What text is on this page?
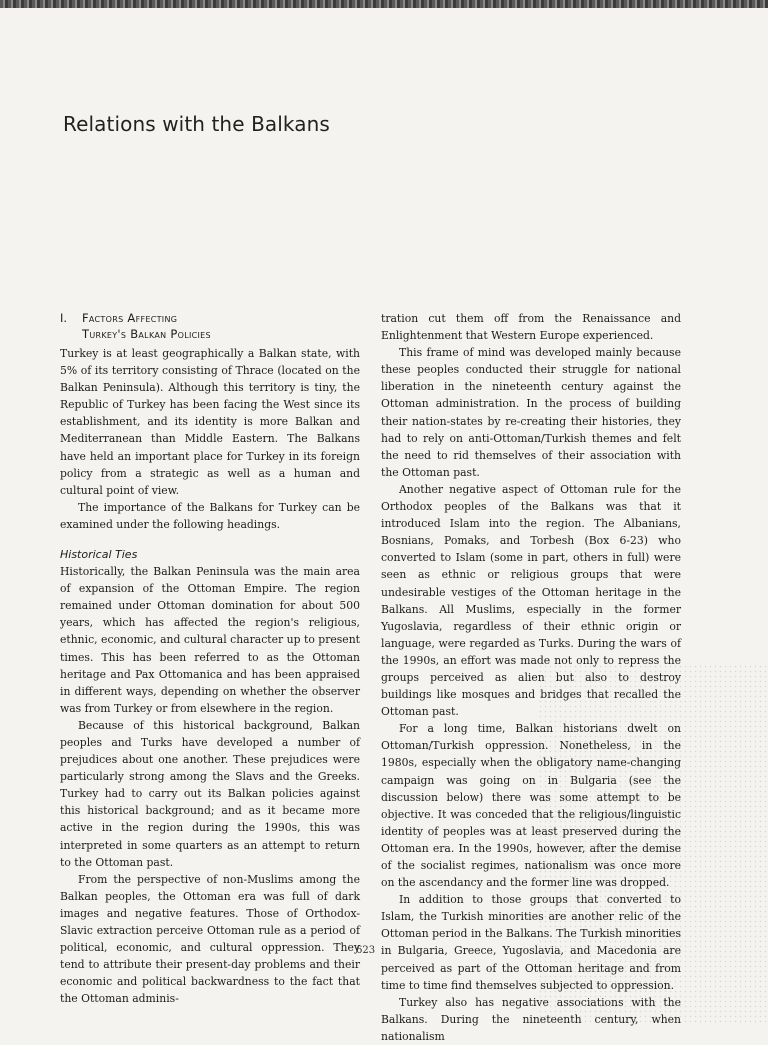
Relations with the Balkans
I.	Factors Affecting
Turkey's Balkan Policies

Turkey is at least geographically a Balkan state, with 5% of its territory consisting of Thrace (located on the Balkan Peninsula). Although this territory is tiny, the Republic of Turkey has been facing the West since its establishment, and its identity is more Balkan and Mediterranean than Middle Eastern. The Balkans have held an important place for Turkey in its foreign policy from a strategic as well as a human and cultural point of view.

The importance of the Balkans for Turkey can be examined under the following headings.

Historical Ties

Historically, the Balkan Peninsula was the main area of expansion of the Ottoman Empire. The region remained under Ottoman domination for about 500 years, which has affected the region's religious, ethnic, economic, and cultural character up to present times. This has been referred to as the Ottoman heritage and Pax Ottomanica and has been appraised in different ways, depending on whether the observer was from Turkey or from elsewhere in the region.

Because of this historical background, Balkan peoples and Turks have developed a number of prejudices about one another. These prejudices were particularly strong among the Slavs and the Greeks. Turkey had to carry out its Balkan policies against this historical background; and as it became more active in the region during the 1990s, this was interpreted in some quarters as an attempt to return to the Ottoman past.

From the perspective of non-Muslims among the Balkan peoples, the Ottoman era was full of dark images and negative features. Those of Orthodox-Slavic extraction perceive Ottoman rule as a period of political, economic, and cultural oppression. They tend to attribute their present-day problems and their economic and political backwardness to the fact that the Ottoman adminis-

tration cut them off from the Renaissance and Enlightenment that Western Europe experienced.

This frame of mind was developed mainly because these peoples conducted their struggle for national liberation in the nineteenth century against the Ottoman administration. In the process of building their nation-states by re-creating their histories, they had to rely on anti-Ottoman/Turkish themes and felt the need to rid themselves of their association with the Ottoman past.

Another negative aspect of Ottoman rule for the Orthodox peoples of the Balkans was that it introduced Islam into the region. The Albanians, Bosnians, Pomaks, and Torbesh (Box 6-23) who converted to Islam (some in part, others in full) were seen as ethnic or religious groups that were undesirable vestiges of the Ottoman heritage in the Balkans. All Muslims, especially in the former Yugoslavia, regardless of their ethnic origin or language, were regarded as Turks. During the wars of the 1990s, an effort was made not only to repress the groups perceived as alien but also to destroy buildings like mosques and bridges that recalled the Ottoman past.

For a long time, Balkan historians dwelt on Ottoman/Turkish oppression. Nonetheless, in the 1980s, especially when the obligatory name-changing campaign was going on in Bulgaria (see the discussion below) there was some attempt to be objective. It was conceded that the religious/linguistic identity of peoples was at least preserved during the Ottoman era. In the 1990s, however, after the demise of the socialist regimes, nationalism was once more on the ascendancy and the former line was dropped.

In addition to those groups that converted to Islam, the Turkish minorities are another relic of the Ottoman period in the Balkans. The Turkish minorities in Bulgaria, Greece, Yugoslavia, and Macedonia are perceived as part of the Ottoman heritage and from time to time find themselves subjected to oppression.

Turkey also has negative associations with the Balkans. During the nineteenth century, when nationalism

623
